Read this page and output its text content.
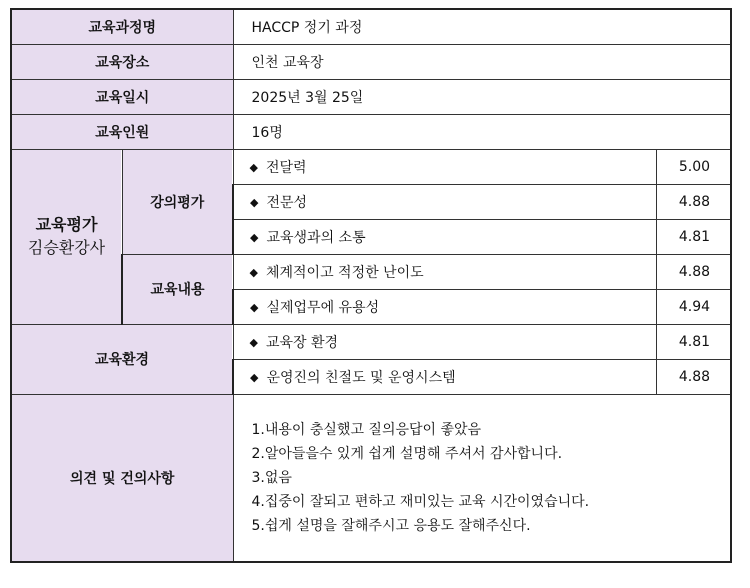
교육과정명		HACCP 정기 과정	
교육장소		인천 교육장	
교육일시		2025년 3월 25일	
교육인원		16명	

교육평가
김승환강사	강의평가	◆ 전달력	5.00
		◆ 전문성	4.88
		◆ 교육생과의 소통	4.81
	교육내용	◆ 체계적이고 적정한 난이도	4.88
		◆ 실제업무에 유용성	4.94
교육환경		◆ 교육장 환경	4.81
		◆ 운영진의 친절도 및 운영시스템	4.88
의견 및 건의사항		1.내용이 충실했고 질의응답이 좋았음
2.알아들을수 있게 쉽게 설명해 주셔서 감사합니다.
3.없음
4.집중이 잘되고 편하고 재미있는 교육 시간이였습니다.
5.쉽게 설명을 잘해주시고 응용도 잘해주신다.	
